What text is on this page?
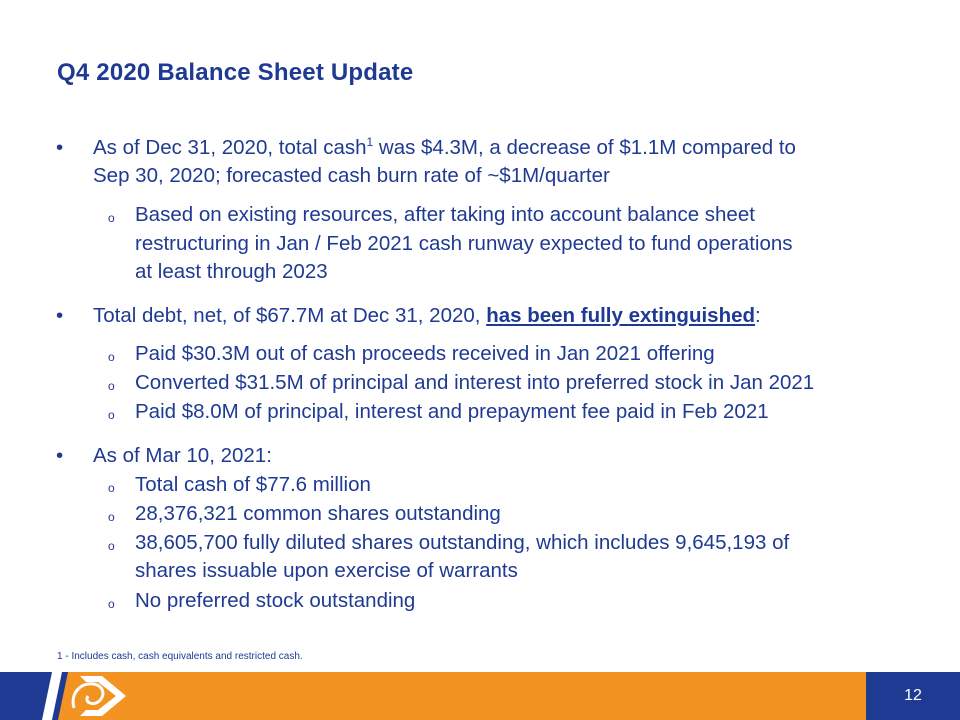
Q4 2020 Balance Sheet Update
• As of Dec 31, 2020, total cash$^1$ was $4.3M, a decrease of $1.1M compared to
Sep 30, 2020; forecasted cash burn rate of ~$1M/quarter
o Based on existing resources, after taking into account balance sheet
restructuring in Jan / Feb 2021 cash runway expected to fund operations
at least through 2023
• Total debt, net, of $67.7M at Dec 31, 2020, has been fully extinguished:
o Paid $30.3M out of cash proceeds received in Jan 2021 offering
o Converted $31.5M of principal and interest into preferred stock in Jan 2021
o Paid $8.0M of principal, interest and prepayment fee paid in Feb 2021
• As of Mar 10, 2021:
o Total cash of $77.6 million
o 28,376,321 common shares outstanding
o 38,605,700 fully diluted shares outstanding, which includes 9,645,193 of
shares issuable upon exercise of warrants
o No preferred stock outstanding
1 - Includes cash, cash equivalents and restricted cash.
12
